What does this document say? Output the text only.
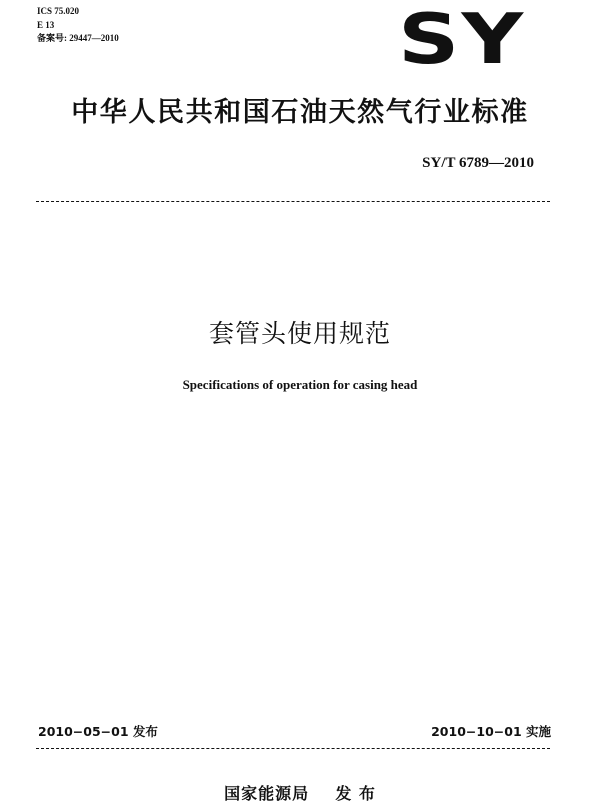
ICS 75.020
E 13
备案号: 29447—2010	SY
中华人民共和国石油天然气行业标准
SY/T 6789—2010
套管头使用规范
Specifications of operation for casing head
2010−05−01 发布	2010−10−01 实施
国家能源局    发 布
